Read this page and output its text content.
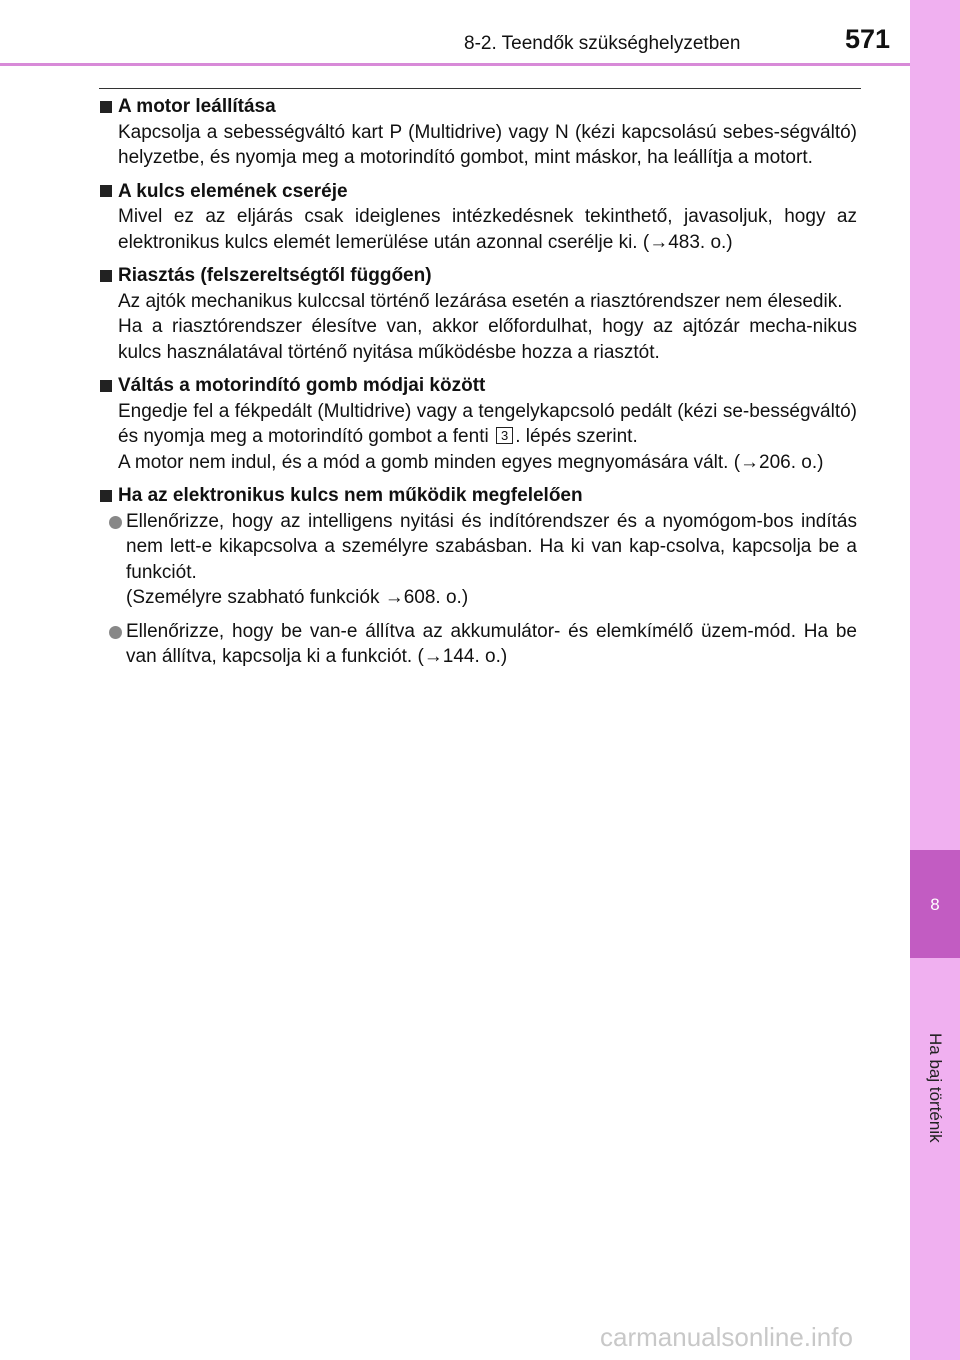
8-2. Teendők szükséghelyzetben	571
8
Ha baj történik
A motor leállítása
Kapcsolja a sebességváltó kart P (Multidrive) vagy N (kézi kapcsolású sebes-ségváltó) helyzetbe, és nyomja meg a motorindító gombot, mint máskor, ha leállítja a motort.
A kulcs elemének cseréje
Mivel ez az eljárás csak ideiglenes intézkedésnek tekinthető, javasoljuk, hogy az elektronikus kulcs elemét lemerülése után azonnal cserélje ki. (→483. o.)
Riasztás (felszereltségtől függően)
Az ajtók mechanikus kulccsal történő lezárása esetén a riasztórendszer nem élesedik.
Ha a riasztórendszer élesítve van, akkor előfordulhat, hogy az ajtózár mecha-nikus kulcs használatával történő nyitása működésbe hozza a riasztót.
Váltás a motorindító gomb módjai között
Engedje fel a fékpedált (Multidrive) vagy a tengelykapcsoló pedált (kézi se-bességváltó) és nyomja meg a motorindító gombot a fenti 3 . lépés szerint.
A motor nem indul, és a mód a gomb minden egyes megnyomására vált. (→206. o.)
Ha az elektronikus kulcs nem működik megfelelően
Ellenőrizze, hogy az intelligens nyitási és indítórendszer és a nyomógom-bos indítás nem lett-e kikapcsolva a személyre szabásban. Ha ki van kap-csolva, kapcsolja be a funkciót.
(Személyre szabható funkciók →608. o.)
Ellenőrizze, hogy be van-e állítva az akkumulátor- és elemkímélő üzem-mód. Ha be van állítva, kapcsolja ki a funkciót. (→144. o.)
carmanualsonline.info
